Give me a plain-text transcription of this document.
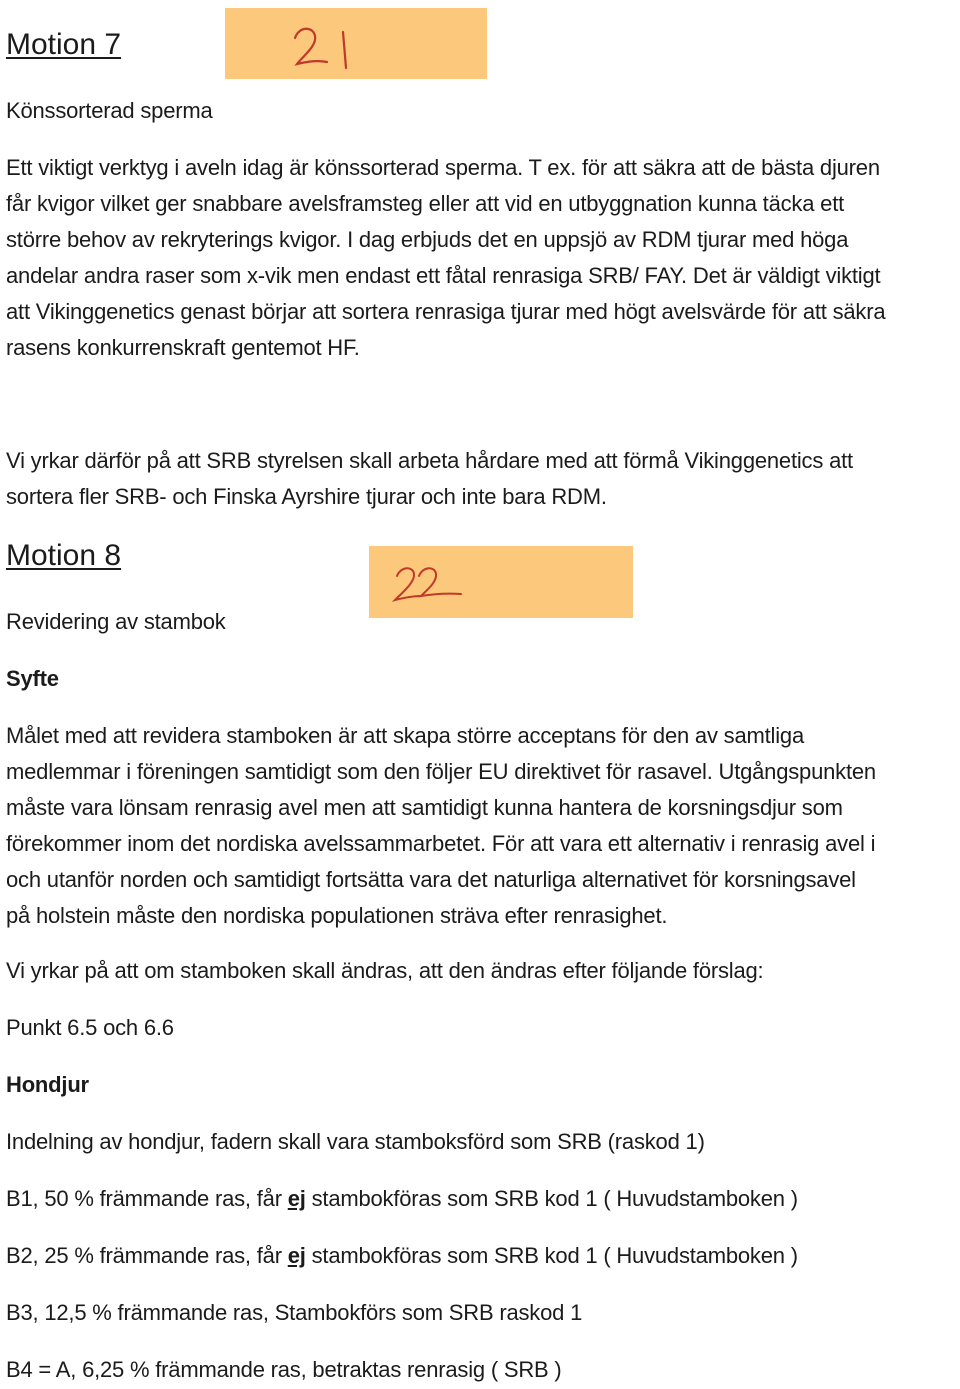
Motion 7

Könssorterad sperma

Ett viktigt verktyg i aveln idag är könssorterad sperma. T ex. för att säkra att de bästa djuren
får kvigor vilket ger snabbare avelsframsteg eller att vid en utbyggnation kunna täcka ett
större behov av rekryterings kvigor. I dag erbjuds det en uppsjö av RDM tjurar med höga
andelar andra raser som x-vik men endast ett fåtal renrasiga SRB/ FAY. Det är väldigt viktigt
att Vikinggenetics genast börjar att sortera renrasiga tjurar med högt avelsvärde för att säkra
rasens konkurrenskraft gentemot HF.
Vi yrkar därför på att SRB styrelsen skall arbeta hårdare med att förmå Vikinggenetics att
sortera fler SRB- och Finska Ayrshire tjurar och inte bara RDM.
Motion 8

Revidering av stambok

Syfte

Målet med att revidera stamboken är att skapa större acceptans för den av samtliga
medlemmar i föreningen samtidigt som den följer EU direktivet för rasavel. Utgångspunkten
måste vara lönsam renrasig avel men att samtidigt kunna hantera de korsningsdjur som
förekommer inom det nordiska avelssammarbetet. För att vara ett alternativ i renrasig avel i
och utanför norden och samtidigt fortsätta vara det naturliga alternativet för korsningsavel
på holstein måste den nordiska populationen sträva efter renrasighet.

Vi yrkar på att om stamboken skall ändras, att den ändras efter följande förslag:

Punkt 6.5 och 6.6

Hondjur

Indelning av hondjur, fadern skall vara stamboksförd som SRB (raskod 1)

B1, 50 % främmande ras, får ej stambokföras som SRB kod 1 ( Huvudstamboken )

B2, 25 % främmande ras, får ej stambokföras som SRB kod 1 ( Huvudstamboken )

B3, 12,5 % främmande ras, Stambokförs som SRB raskod 1

B4 = A, 6,25 % främmande ras, betraktas renrasig ( SRB )
